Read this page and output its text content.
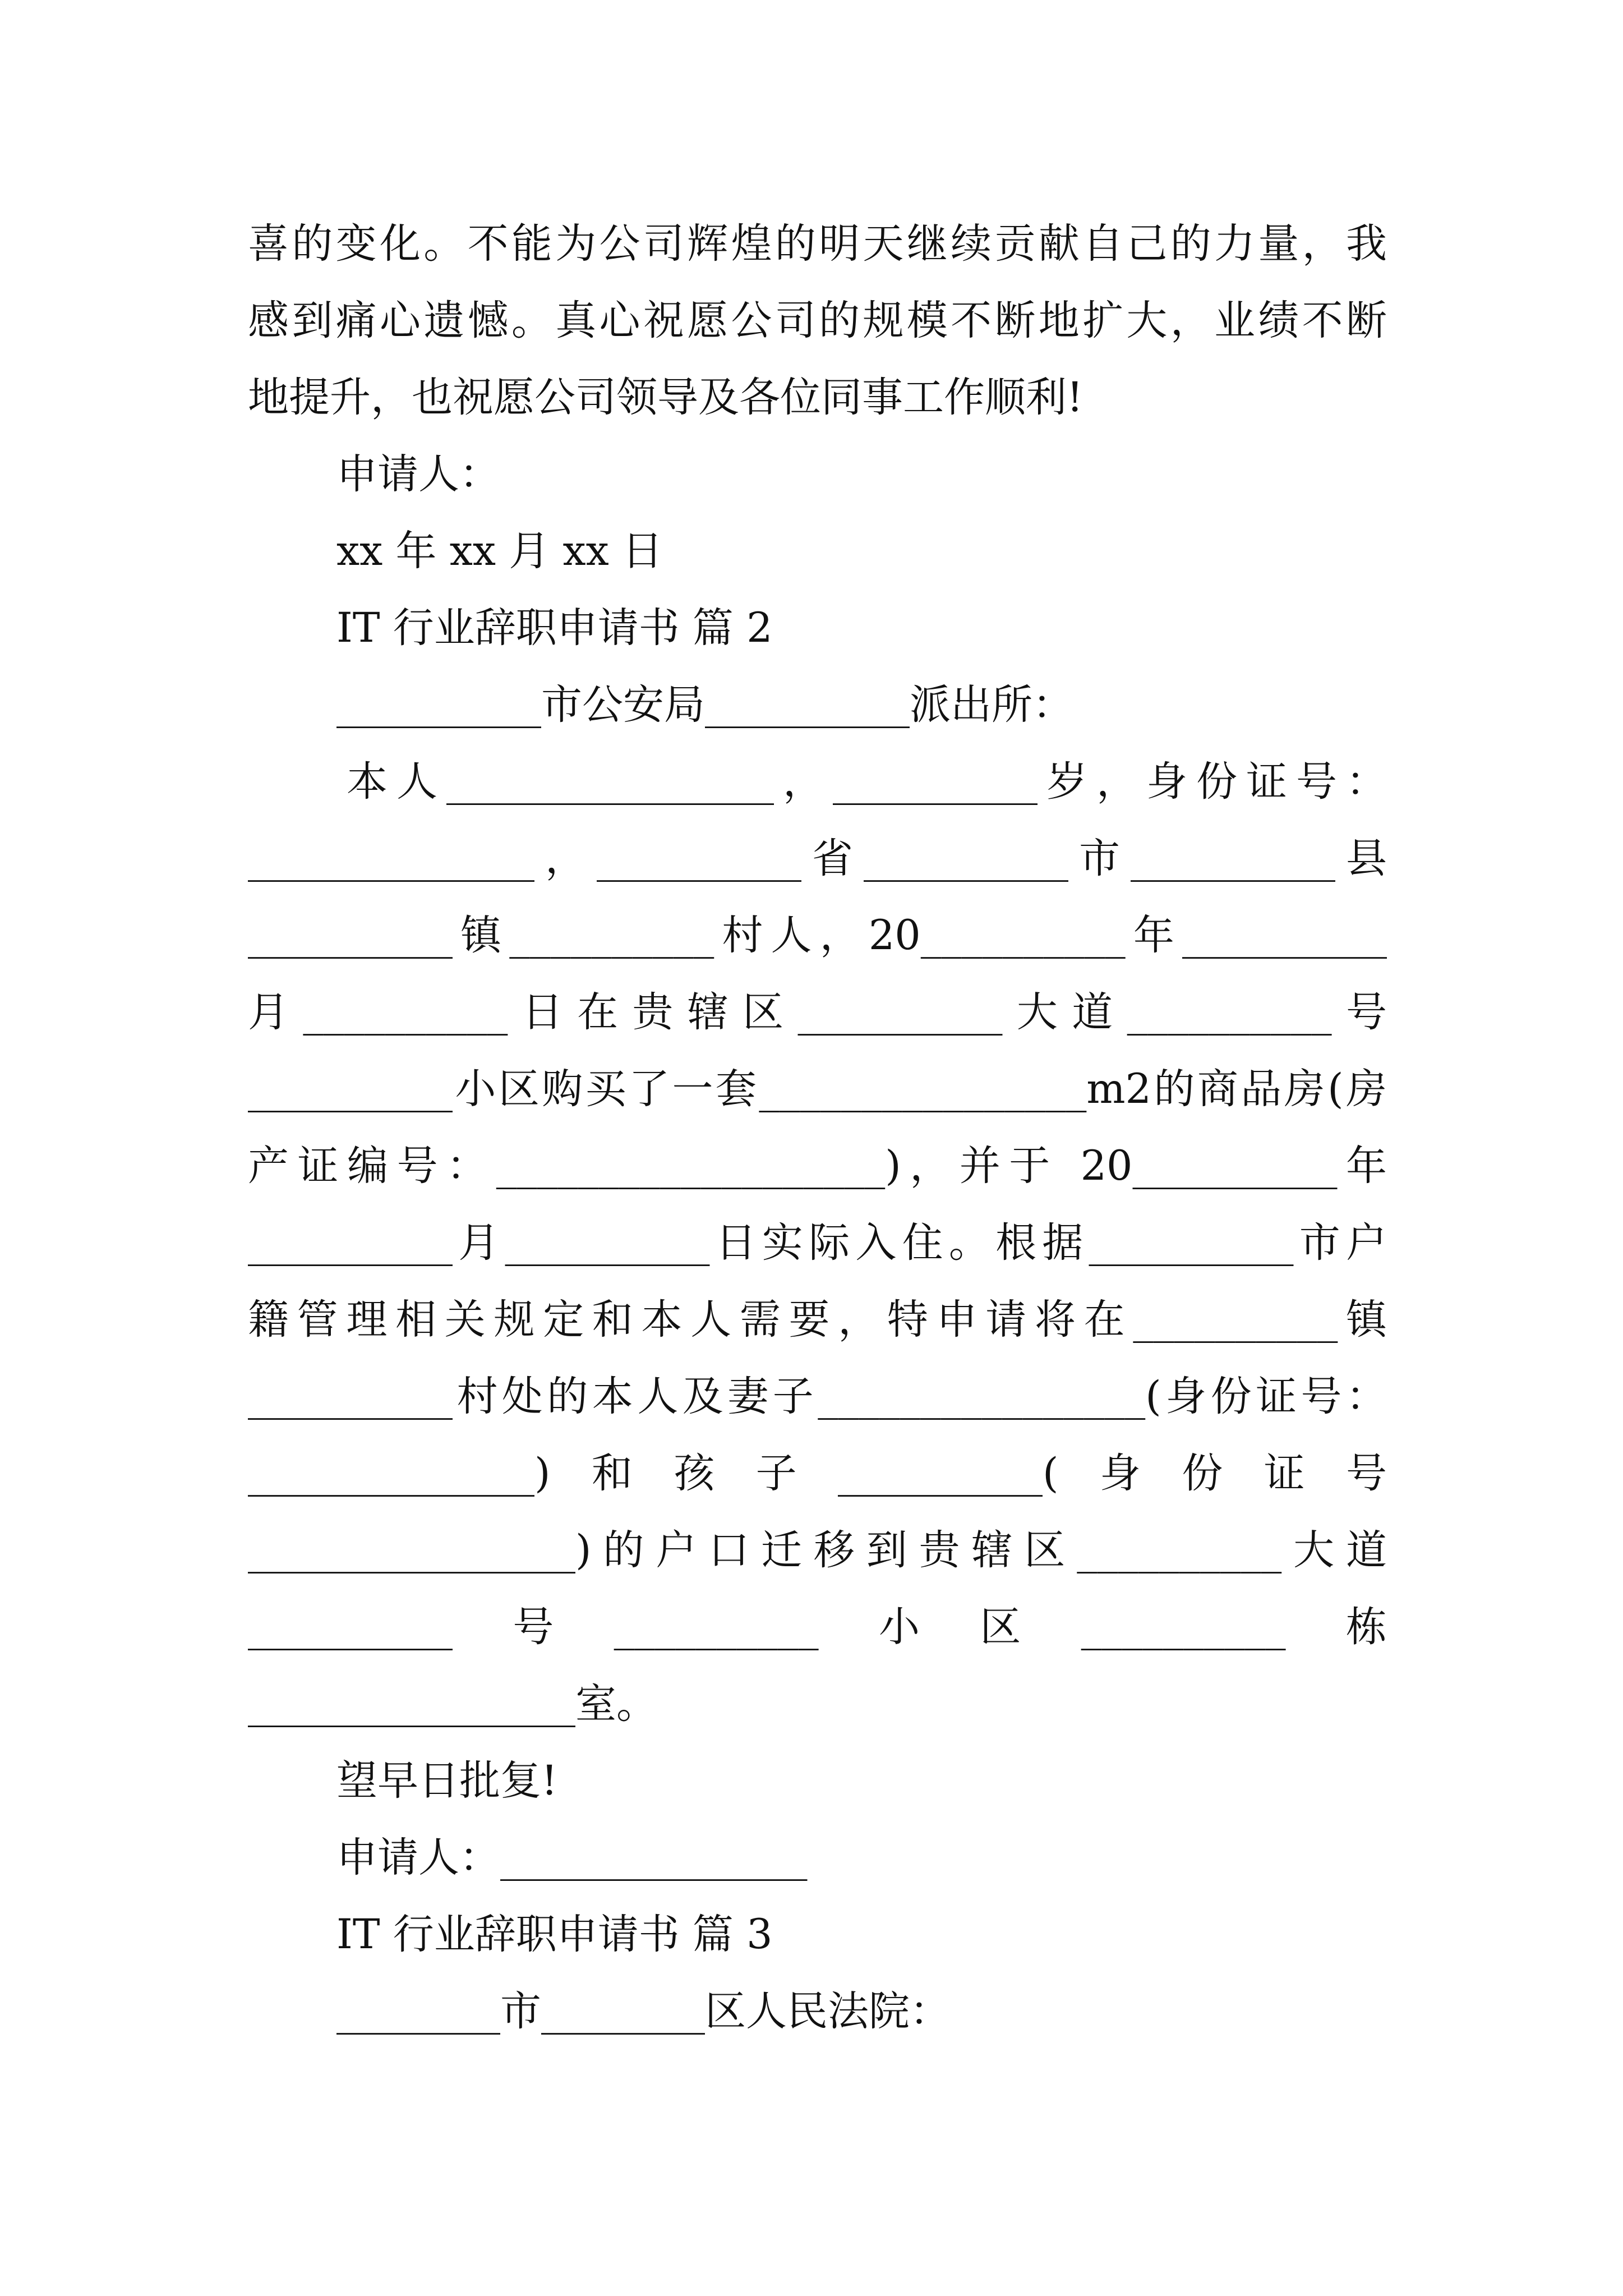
喜的变化。不能为公司辉煌的明天继续贡献自己的力量，我
感到痛心遗憾。真心祝愿公司的规模不断地扩大，业绩不断
地提升，也祝愿公司领导及各位同事工作顺利!
申请人：
xx 年 xx 月 xx 日
IT 行业辞职申请书 篇 2
__________市公安局__________派出所：
本人________________，__________岁，身份证号：
______________，__________省__________市__________县
__________镇__________村人，20__________年__________
月__________日在贵辖区__________大道__________号
__________小区购买了一套________________m2的商品房(房
产证编号：___________________)，并于 20__________年
__________月__________日实际入住。根据__________市户
籍管理相关规定和本人需要，特申请将在__________镇
__________村处的本人及妻子________________(身份证号：
______________)和孩子__________(身份证号
________________)的户口迁移到贵辖区__________大道
__________号__________小区__________栋
________________室。
望早日批复!
申请人：_______________
IT 行业辞职申请书 篇 3
________市________区人民法院：
